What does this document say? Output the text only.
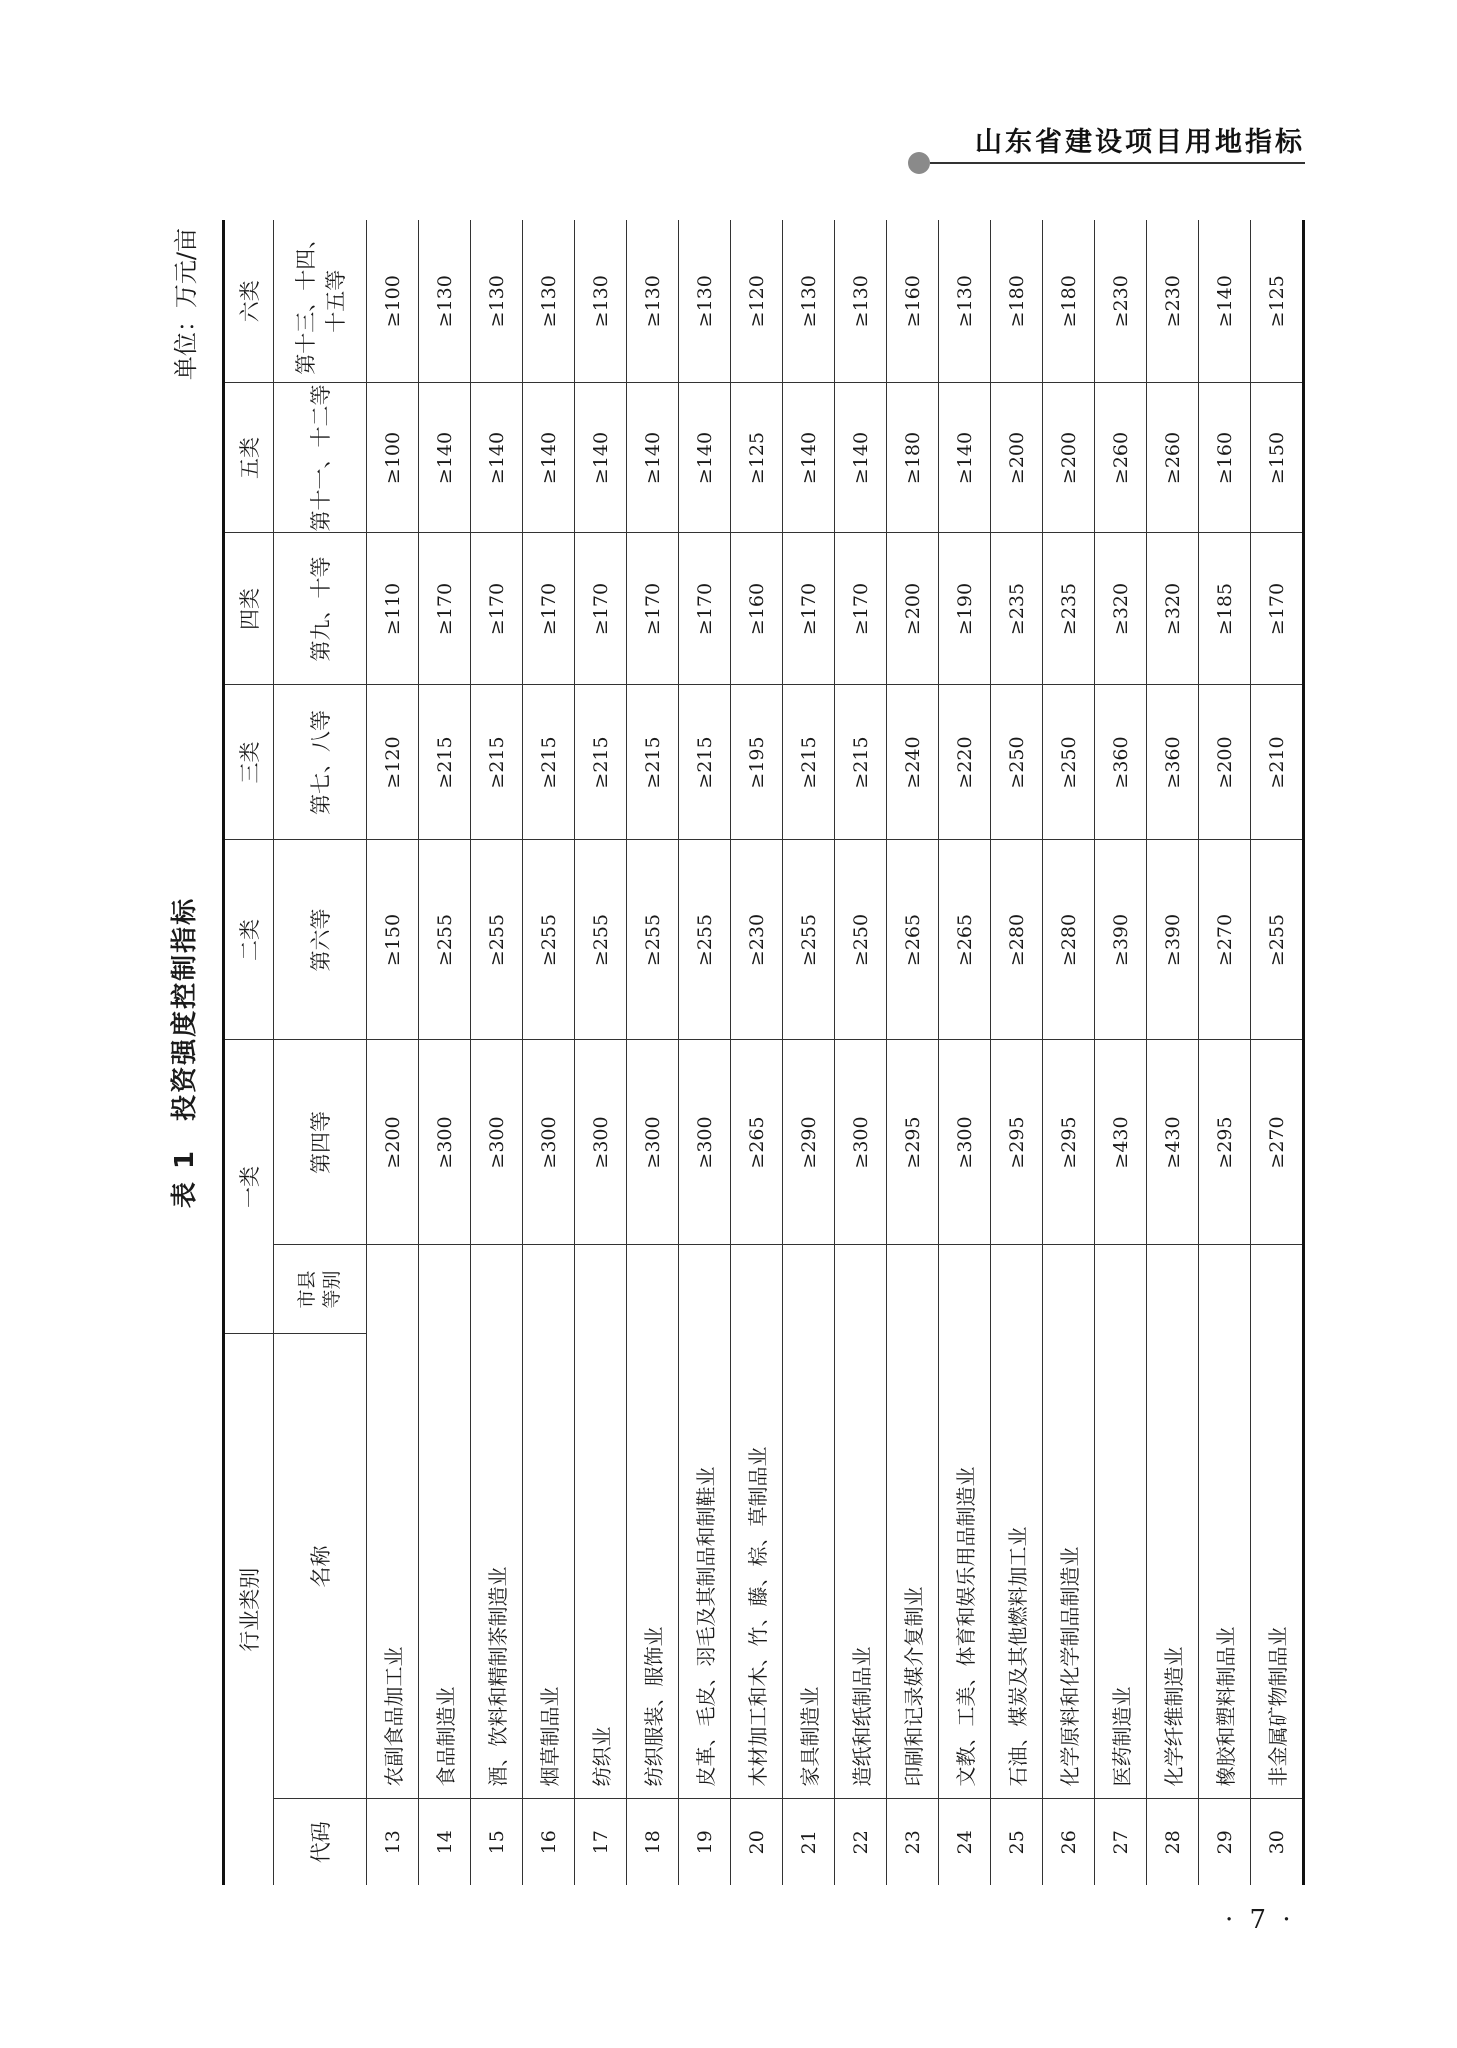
山东省建设项目用地指标
表 1　投资强度控制指标
单位：万元/亩
行业类别		一类		二类	三类	四类	五类	六类
代码	名称	市县 等别	第四等	第六等	第七、八等	第九、十等	第十一、十二等	第十三、十四、十五等
13	农副食品加工业		≥200	≥150	≥120	≥110	≥100	≥100
14	食品制造业		≥300	≥255	≥215	≥170	≥140	≥130
15	酒、饮料和精制茶制造业		≥300	≥255	≥215	≥170	≥140	≥130
16	烟草制品业		≥300	≥255	≥215	≥170	≥140	≥130
17	纺织业		≥300	≥255	≥215	≥170	≥140	≥130
18	纺织服装、服饰业		≥300	≥255	≥215	≥170	≥140	≥130
19	皮革、毛皮、羽毛及其制品和制鞋业		≥300	≥255	≥215	≥170	≥140	≥130
20	木材加工和木、竹、藤、棕、草制品业		≥265	≥230	≥195	≥160	≥125	≥120
21	家具制造业		≥290	≥255	≥215	≥170	≥140	≥130
22	造纸和纸制品业		≥300	≥250	≥215	≥170	≥140	≥130
23	印刷和记录媒介复制业		≥295	≥265	≥240	≥200	≥180	≥160
24	文教、工美、体育和娱乐用品制造业		≥300	≥265	≥220	≥190	≥140	≥130
25	石油、煤炭及其他燃料加工业		≥295	≥280	≥250	≥235	≥200	≥180
26	化学原料和化学制品制造业		≥295	≥280	≥250	≥235	≥200	≥180
27	医药制造业		≥430	≥390	≥360	≥320	≥260	≥230
28	化学纤维制造业		≥430	≥390	≥360	≥320	≥260	≥230
29	橡胶和塑料制品业		≥295	≥270	≥200	≥185	≥160	≥140
30	非金属矿物制品业		≥270	≥255	≥210	≥170	≥150	≥125
· 7 ·
